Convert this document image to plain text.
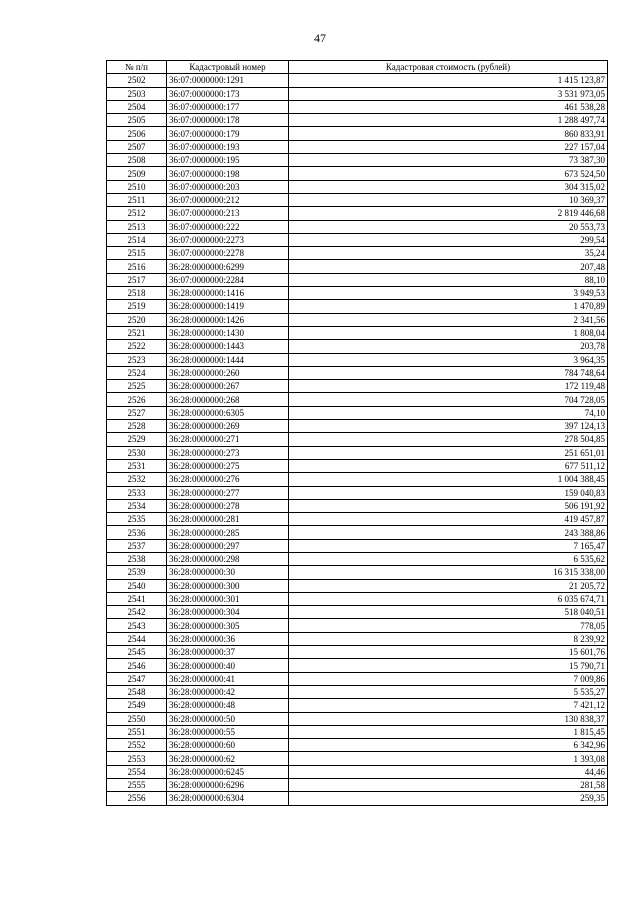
47
№ п/п	Кадастровый номер	Кадастровая стоимость (рублей)
2502	36:07:0000000:1291	1 415 123,87
2503	36:07:0000000:173	3 531 973,05
2504	36:07:0000000:177	461 538,28
2505	36:07:0000000:178	1 288 497,74
2506	36:07:0000000:179	860 833,91
2507	36:07:0000000:193	227 157,04
2508	36:07:0000000:195	73 387,30
2509	36:07:0000000:198	673 524,50
2510	36:07:0000000:203	304 315,02
2511	36:07:0000000:212	10 369,37
2512	36:07:0000000:213	2 819 446,68
2513	36:07:0000000:222	20 553,73
2514	36:07:0000000:2273	299,54
2515	36:07:0000000:2278	35,24
2516	36:28:0000000:6299	207,48
2517	36:07:0000000:2284	88,10
2518	36:28:0000000:1416	3 949,53
2519	36:28:0000000:1419	1 470,89
2520	36:28:0000000:1426	2 341,56
2521	36:28:0000000:1430	1 808,04
2522	36:28:0000000:1443	203,78
2523	36:28:0000000:1444	3 964,35
2524	36:28:0000000:260	784 748,64
2525	36:28:0000000:267	172 119,48
2526	36:28:0000000:268	704 728,05
2527	36:28:0000000:6305	74,10
2528	36:28:0000000:269	397 124,13
2529	36:28:0000000:271	278 504,85
2530	36:28:0000000:273	251 651,01
2531	36:28:0000000:275	677 511,12
2532	36:28:0000000:276	1 004 388,45
2533	36:28:0000000:277	159 040,83
2534	36:28:0000000:278	506 191,92
2535	36:28:0000000:281	419 457,87
2536	36:28:0000000:285	243 388,86
2537	36:28:0000000:297	7 165,47
2538	36:28:0000000:298	6 535,62
2539	36:28:0000000:30	16 315 338,00
2540	36:28:0000000:300	21 205,72
2541	36:28:0000000:301	6 035 674,71
2542	36:28:0000000:304	518 040,51
2543	36:28:0000000:305	778,05
2544	36:28:0000000:36	8 239,92
2545	36:28:0000000:37	15 601,76
2546	36:28:0000000:40	15 790,71
2547	36:28:0000000:41	7 009,86
2548	36:28:0000000:42	5 535,27
2549	36:28:0000000:48	7 421,12
2550	36:28:0000000:50	130 838,37
2551	36:28:0000000:55	1 815,45
2552	36:28:0000000:60	6 342,96
2553	36:28:0000000:62	1 393,08
2554	36:28:0000000:6245	44,46
2555	36:28:0000000:6296	281,58
2556	36:28:0000000:6304	259,35
